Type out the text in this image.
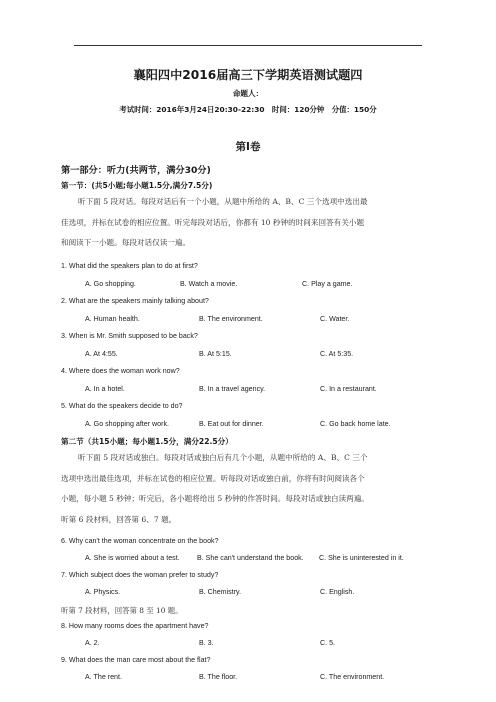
襄阳四中2016届高三下学期英语测试题四
命题人：
考试时间：2016年3月24日20:30-22:30　时间：120分钟　分值：150分
第Ⅰ卷
第一部分：听力(共两节，满分30分)
第一节：(共5小题;每小题1.5分,满分7.5分)
听下面 5 段对话。每段对话后有一个小题，从题中所给的 A、B、C 三个选项中选出最
佳选项，并标在试卷的相应位置。听完每段对话后，你都有 10 秒钟的时间来回答有关小题
和阅读下一小题。每段对话仅读一遍。
1. What did the speakers plan to do at first?
A. Go shopping.	B. Watch a movie.	C. Play a game.
2. What are the speakers mainly talking about?
A. Human health.	B. The environment.	C. Water.
3. When is Mr. Smith supposed to be back?
A. At 4:55.	B. At 5:15.	C. At 5:35.
4. Where does the woman work now?
A. In a hotel.	B. In a travel agency.	C. In a restaurant.
5. What do the speakers decide to do?
A. Go shopping after work.	B. Eat out for dinner.	C. Go back home late.
第二节（共15小题；每小题1.5分，满分22.5分）
听下面 5 段对话或独白。每段对话或独白后有几个小题，从题中所给的 A、B、C 三个
选项中选出最佳选项，并标在试卷的相应位置。听每段对话或独白前，你将有时间阅读各个
小题，每小题 5 秒钟；听完后，各小题将给出 5 秒钟的作答时间。每段对话或独白读两遍。
听第 6 段材料，回答第 6、7 题。
6. Why can't the woman concentrate on the book?
A. She is worried about a test. B. She can't understand the book. C. She is uninterested in it.
7. Which subject does the woman prefer to study?
A. Physics.	B. Chemistry.	C. English.
听第 7 段材料，回答第 8 至 10 题。
8. How many rooms does the apartment have?
A. 2.	B. 3.	C. 5.
9. What does the man care most about the flat?
A. The rent.	B. The floor.	C. The environment.
